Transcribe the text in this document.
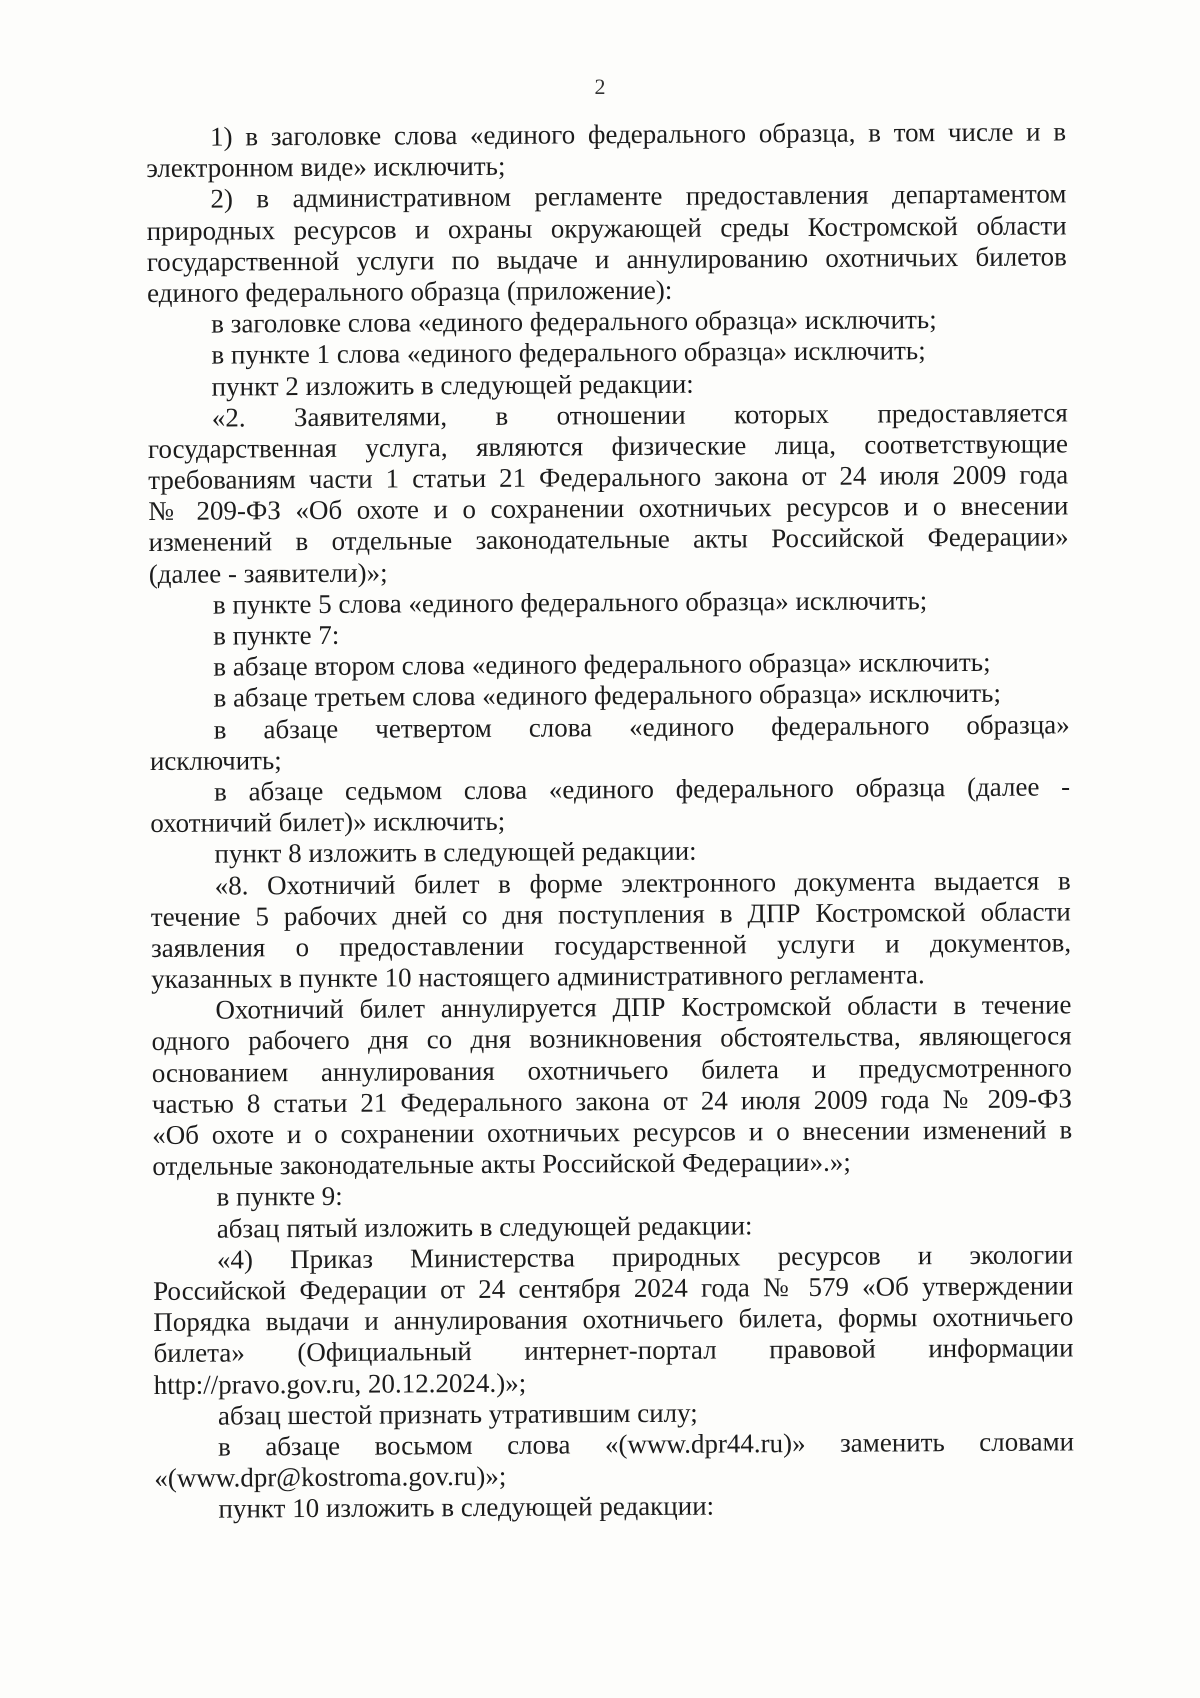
2
1) в заголовке слова «единого федерального образца, в том числе и в
электронном виде» исключить;
2) в административном регламенте предоставления департаментом
природных ресурсов и охраны окружающей среды Костромской области
государственной услуги по выдаче и аннулированию охотничьих билетов
единого федерального образца (приложение):
в заголовке слова «единого федерального образца» исключить;
в пункте 1 слова «единого федерального образца» исключить;
пункт 2 изложить в следующей редакции:
«2. Заявителями, в отношении которых предоставляется
государственная услуга, являются физические лица, соответствующие
требованиям части 1 статьи 21 Федерального закона от 24 июля 2009 года
№ 209-ФЗ «Об охоте и о сохранении охотничьих ресурсов и о внесении
изменений в отдельные законодательные акты Российской Федерации»
(далее - заявители)»;
в пункте 5 слова «единого федерального образца» исключить;
в пункте 7:
в абзаце втором слова «единого федерального образца» исключить;
в абзаце третьем слова «единого федерального образца» исключить;
в абзаце четвертом слова «единого федерального образца»
исключить;
в абзаце седьмом слова «единого федерального образца (далее -
охотничий билет)» исключить;
пункт 8 изложить в следующей редакции:
«8. Охотничий билет в форме электронного документа выдается в
течение 5 рабочих дней со дня поступления в ДПР Костромской области
заявления о предоставлении государственной услуги и документов,
указанных в пункте 10 настоящего административного регламента.
Охотничий билет аннулируется ДПР Костромской области в течение
одного рабочего дня со дня возникновения обстоятельства, являющегося
основанием аннулирования охотничьего билета и предусмотренного
частью 8 статьи 21 Федерального закона от 24 июля 2009 года № 209-ФЗ
«Об охоте и о сохранении охотничьих ресурсов и о внесении изменений в
отдельные законодательные акты Российской Федерации».»;
в пункте 9:
абзац пятый изложить в следующей редакции:
«4) Приказ Министерства природных ресурсов и экологии
Российской Федерации от 24 сентября 2024 года № 579 «Об утверждении
Порядка выдачи и аннулирования охотничьего билета, формы охотничьего
билета» (Официальный интернет-портал правовой информации
http://pravo.gov.ru, 20.12.2024.)»;
абзац шестой признать утратившим силу;
в абзаце восьмом слова «(www.dpr44.ru)» заменить словами
«(www.dpr@kostroma.gov.ru)»;
пункт 10 изложить в следующей редакции:
